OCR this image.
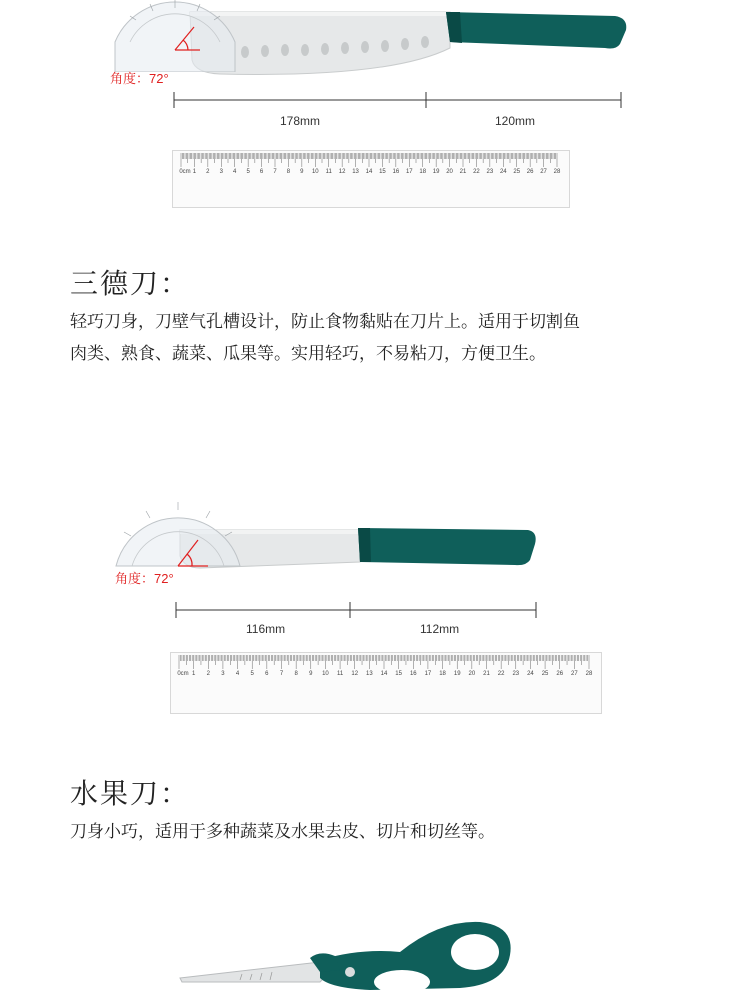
角度：72°
178mm	120mm
0cm 1 2 3 4 5 6 7 8 9 10 11 12 13 14 15 16 17 18 19 20 21 22 23 24 25 26 27 28
三德刀：
轻巧刀身，刀壁气孔槽设计，防止食物黏贴在刀片上。适用于切割鱼
肉类、熟食、蔬菜、瓜果等。实用轻巧，不易粘刀，方便卫生。
角度：72°
116mm	112mm
0cm 1 2 3 4 5 6 7 8 9 10 11 12 13 14 15 16 17 18 19 20 21 22 23 24 25 26 27 28
水果刀：
刀身小巧，适用于多种蔬菜及水果去皮、切片和切丝等。
